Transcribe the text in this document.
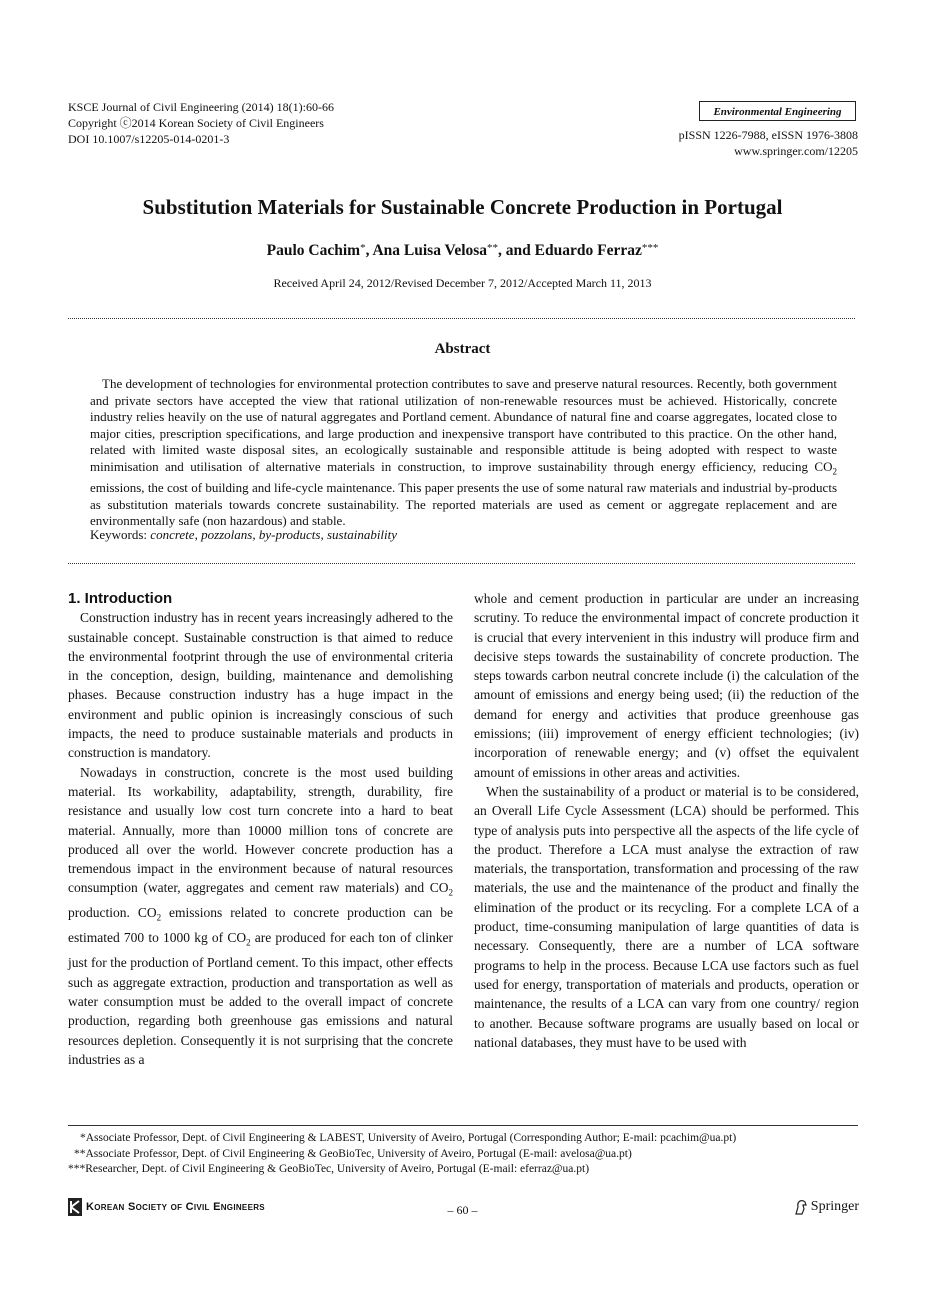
KSCE Journal of Civil Engineering (2014) 18(1):60-66
Copyright ⓒ2014 Korean Society of Civil Engineers
DOI 10.1007/s12205-014-0201-3
Environmental Engineering
pISSN 1226-7988, eISSN 1976-3808
www.springer.com/12205
Substitution Materials for Sustainable Concrete Production in Portugal
Paulo Cachim*, Ana Luisa Velosa**, and Eduardo Ferraz***
Received April 24, 2012/Revised December 7, 2012/Accepted March 11, 2013
Abstract
The development of technologies for environmental protection contributes to save and preserve natural resources. Recently, both government and private sectors have accepted the view that rational utilization of non-renewable resources must be achieved. Historically, concrete industry relies heavily on the use of natural aggregates and Portland cement. Abundance of natural fine and coarse aggregates, located close to major cities, prescription specifications, and large production and inexpensive transport have contributed to this practice. On the other hand, related with limited waste disposal sites, an ecologically sustainable and responsible attitude is being adopted with respect to waste minimisation and utilisation of alternative materials in construction, to improve sustainability through energy efficiency, reducing $CO_2$ emissions, the cost of building and life-cycle maintenance. This paper presents the use of some natural raw materials and industrial by-products as substitution materials towards concrete sustainability. The reported materials are used as cement or aggregate replacement and are environmentally safe (non hazardous) and stable.
Keywords: concrete, pozzolans, by-products, sustainability

1. Introduction

Construction industry has in recent years increasingly adhered to the sustainable concept. Sustainable construction is that aimed to reduce the environmental footprint through the use of environmental criteria in the conception, design, building, maintenance and demolishing phases. Because construction industry has a huge impact in the environment and public opinion is increasingly conscious of such impacts, the need to produce sustainable materials and products in construction is mandatory.

Nowadays in construction, concrete is the most used building material. Its workability, adaptability, strength, durability, fire resistance and usually low cost turn concrete into a hard to beat material. Annually, more than 10000 million tons of concrete are produced all over the world. However concrete production has a tremendous impact in the environment because of natural resources consumption (water, aggregates and cement raw materials) and $CO_2$ production. $CO_2$ emissions related to concrete production can be estimated 700 to 1000 kg of $CO_2$ are produced for each ton of clinker just for the production of Portland cement. To this impact, other effects such as aggregate extraction, production and transportation as well as water consumption must be added to the overall impact of concrete production, regarding both greenhouse gas emissions and natural resources depletion. Consequently it is not surprising that the concrete industries as a

whole and cement production in particular are under an increasing scrutiny. To reduce the environmental impact of concrete production it is crucial that every intervenient in this industry will produce firm and decisive steps towards the sustainability of concrete production. The steps towards carbon neutral concrete include (i) the calculation of the amount of emissions and energy being used; (ii) the reduction of the demand for energy and activities that produce greenhouse gas emissions; (iii) improvement of energy efficient technologies; (iv) incorporation of renewable energy; and (v) offset the equivalent amount of emissions in other areas and activities.

When the sustainability of a product or material is to be considered, an Overall Life Cycle Assessment (LCA) should be performed. This type of analysis puts into perspective all the aspects of the life cycle of the product. Therefore a LCA must analyse the extraction of raw materials, the transportation, transformation and processing of the raw materials, the use and the maintenance of the product and finally the elimination of the product or its recycling. For a complete LCA of a product, time-consuming manipulation of large quantities of data is necessary. Consequently, there are a number of LCA software programs to help in the process. Because LCA use factors such as fuel used for energy, transportation of materials and products, operation or maintenance, the results of a LCA can vary from one country/ region to another. Because software programs are usually based on local or national databases, they must have to be used with

*Associate Professor, Dept. of Civil Engineering & LABEST, University of Aveiro, Portugal (Corresponding Author; E-mail: pcachim@ua.pt)
**Associate Professor, Dept. of Civil Engineering & GeoBioTec, University of Aveiro, Portugal (E-mail: avelosa@ua.pt)
***Researcher, Dept. of Civil Engineering & GeoBioTec, University of Aveiro, Portugal (E-mail: eferraz@ua.pt)
Korean Society of Civil Engineers	– 60 –	Springer
